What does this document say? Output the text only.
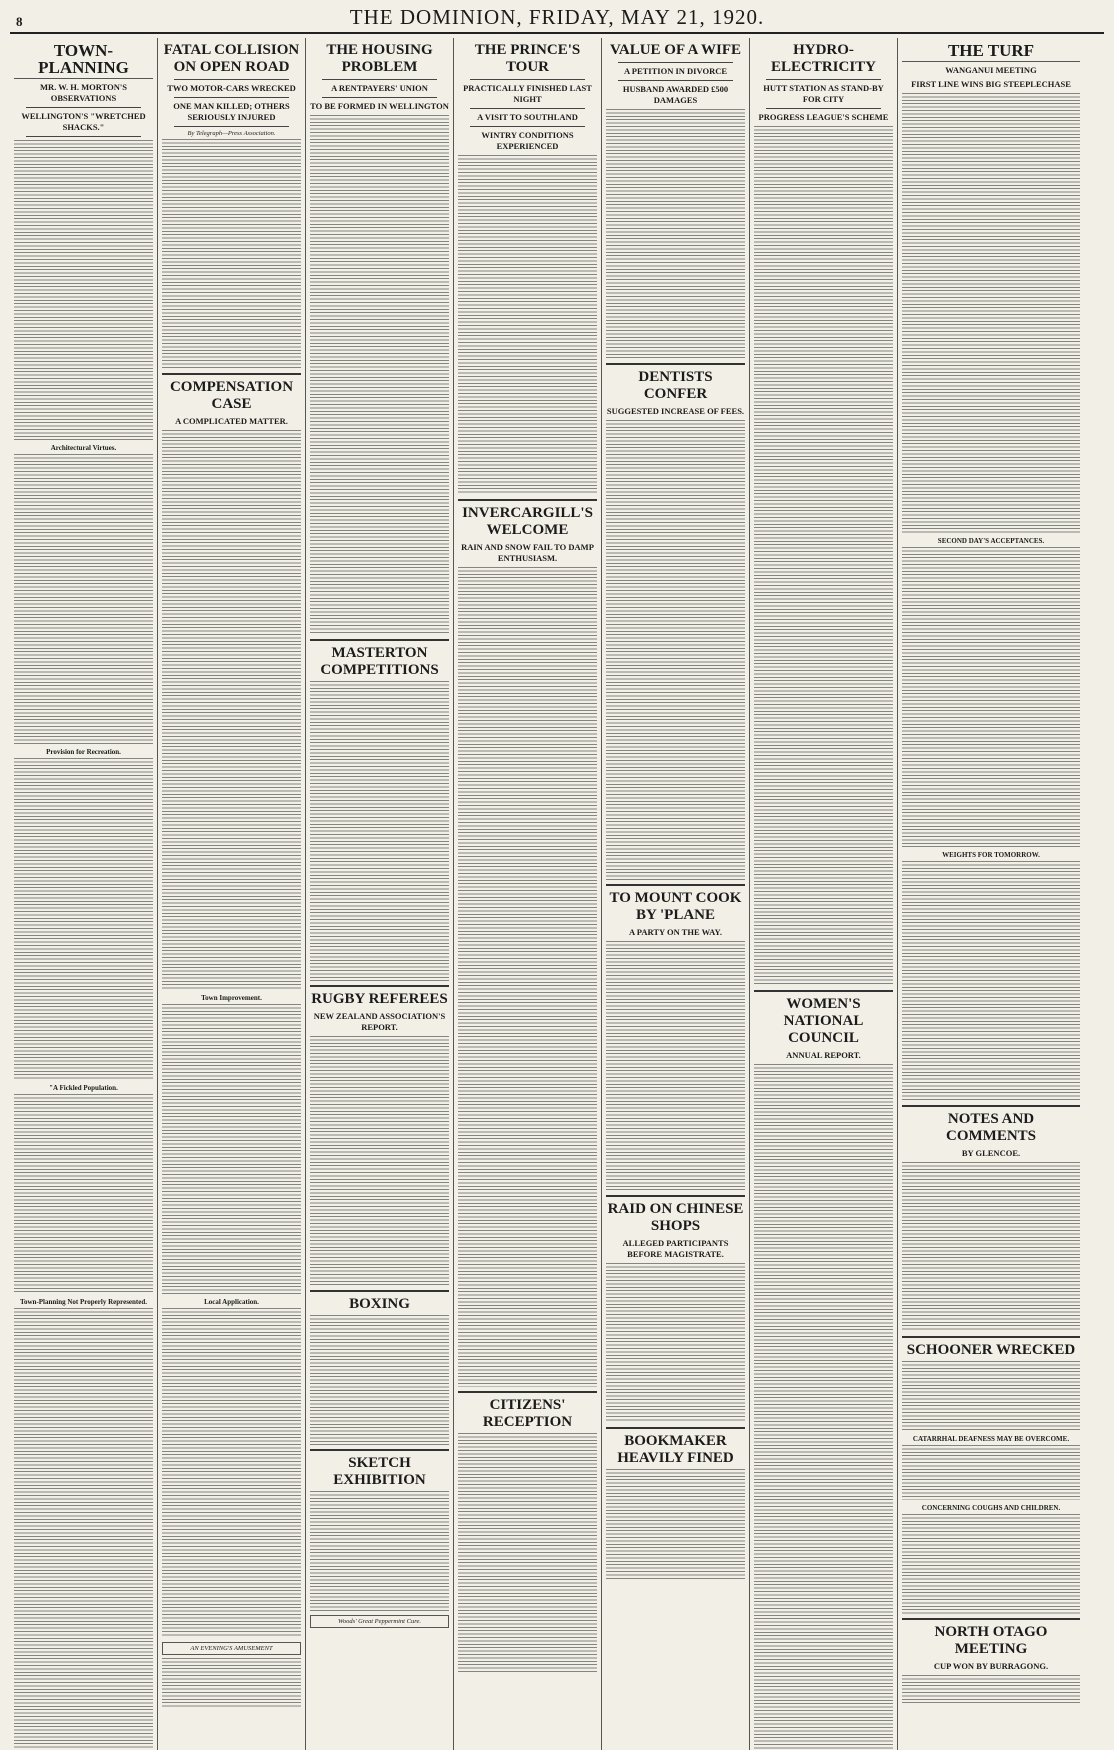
8	THE DOMINION, FRIDAY, MAY 21, 1920.
TOWN-PLANNING
MR. W. H. MORTON'S OBSERVATIONS
WELLINGTON'S "WRETCHED SHACKS."
Architectural Virtues.
Provision for Recreation.
"A Fickled Population.
Town-Planning Not Properly Represented.
FATAL COLLISION ON OPEN ROAD
TWO MOTOR-CARS WRECKED
ONE MAN KILLED; OTHERS SERIOUSLY INJURED
By Telegraph—Press Association.
COMPENSATION CASE
A COMPLICATED MATTER.
Town Improvement.
Local Application.
AN EVENING'S AMUSEMENT
THE HOUSING PROBLEM
A RENTPAYERS' UNION
TO BE FORMED IN WELLINGTON
MASTERTON COMPETITIONS
RUGBY REFEREES
NEW ZEALAND ASSOCIATION'S REPORT.
BOXING
SKETCH EXHIBITION
Woods' Great Peppermint Cure.
THE PRINCE'S TOUR
PRACTICALLY FINISHED LAST NIGHT
A VISIT TO SOUTHLAND
WINTRY CONDITIONS EXPERIENCED
INVERCARGILL'S WELCOME
RAIN AND SNOW FAIL TO DAMP ENTHUSIASM.
CITIZENS' RECEPTION
VALUE OF A WIFE
A PETITION IN DIVORCE
HUSBAND AWARDED £500 DAMAGES
DENTISTS CONFER
SUGGESTED INCREASE OF FEES.
TO MOUNT COOK BY 'PLANE
A PARTY ON THE WAY.
RAID ON CHINESE SHOPS
ALLEGED PARTICIPANTS BEFORE MAGISTRATE.
BOOKMAKER HEAVILY FINED
HYDRO-ELECTRICITY
HUTT STATION AS STAND-BY FOR CITY
PROGRESS LEAGUE'S SCHEME
WOMEN'S NATIONAL COUNCIL
ANNUAL REPORT.
THE TURF
WANGANUI MEETING
FIRST LINE WINS BIG STEEPLECHASE
SECOND DAY'S ACCEPTANCES.
WEIGHTS FOR TOMORROW.
NOTES AND COMMENTS
BY GLENCOE.
SCHOONER WRECKED
CATARRHAL DEAFNESS MAY BE OVERCOME.
CONCERNING COUGHS AND CHILDREN.
NORTH OTAGO MEETING
CUP WON BY BURRAGONG.
